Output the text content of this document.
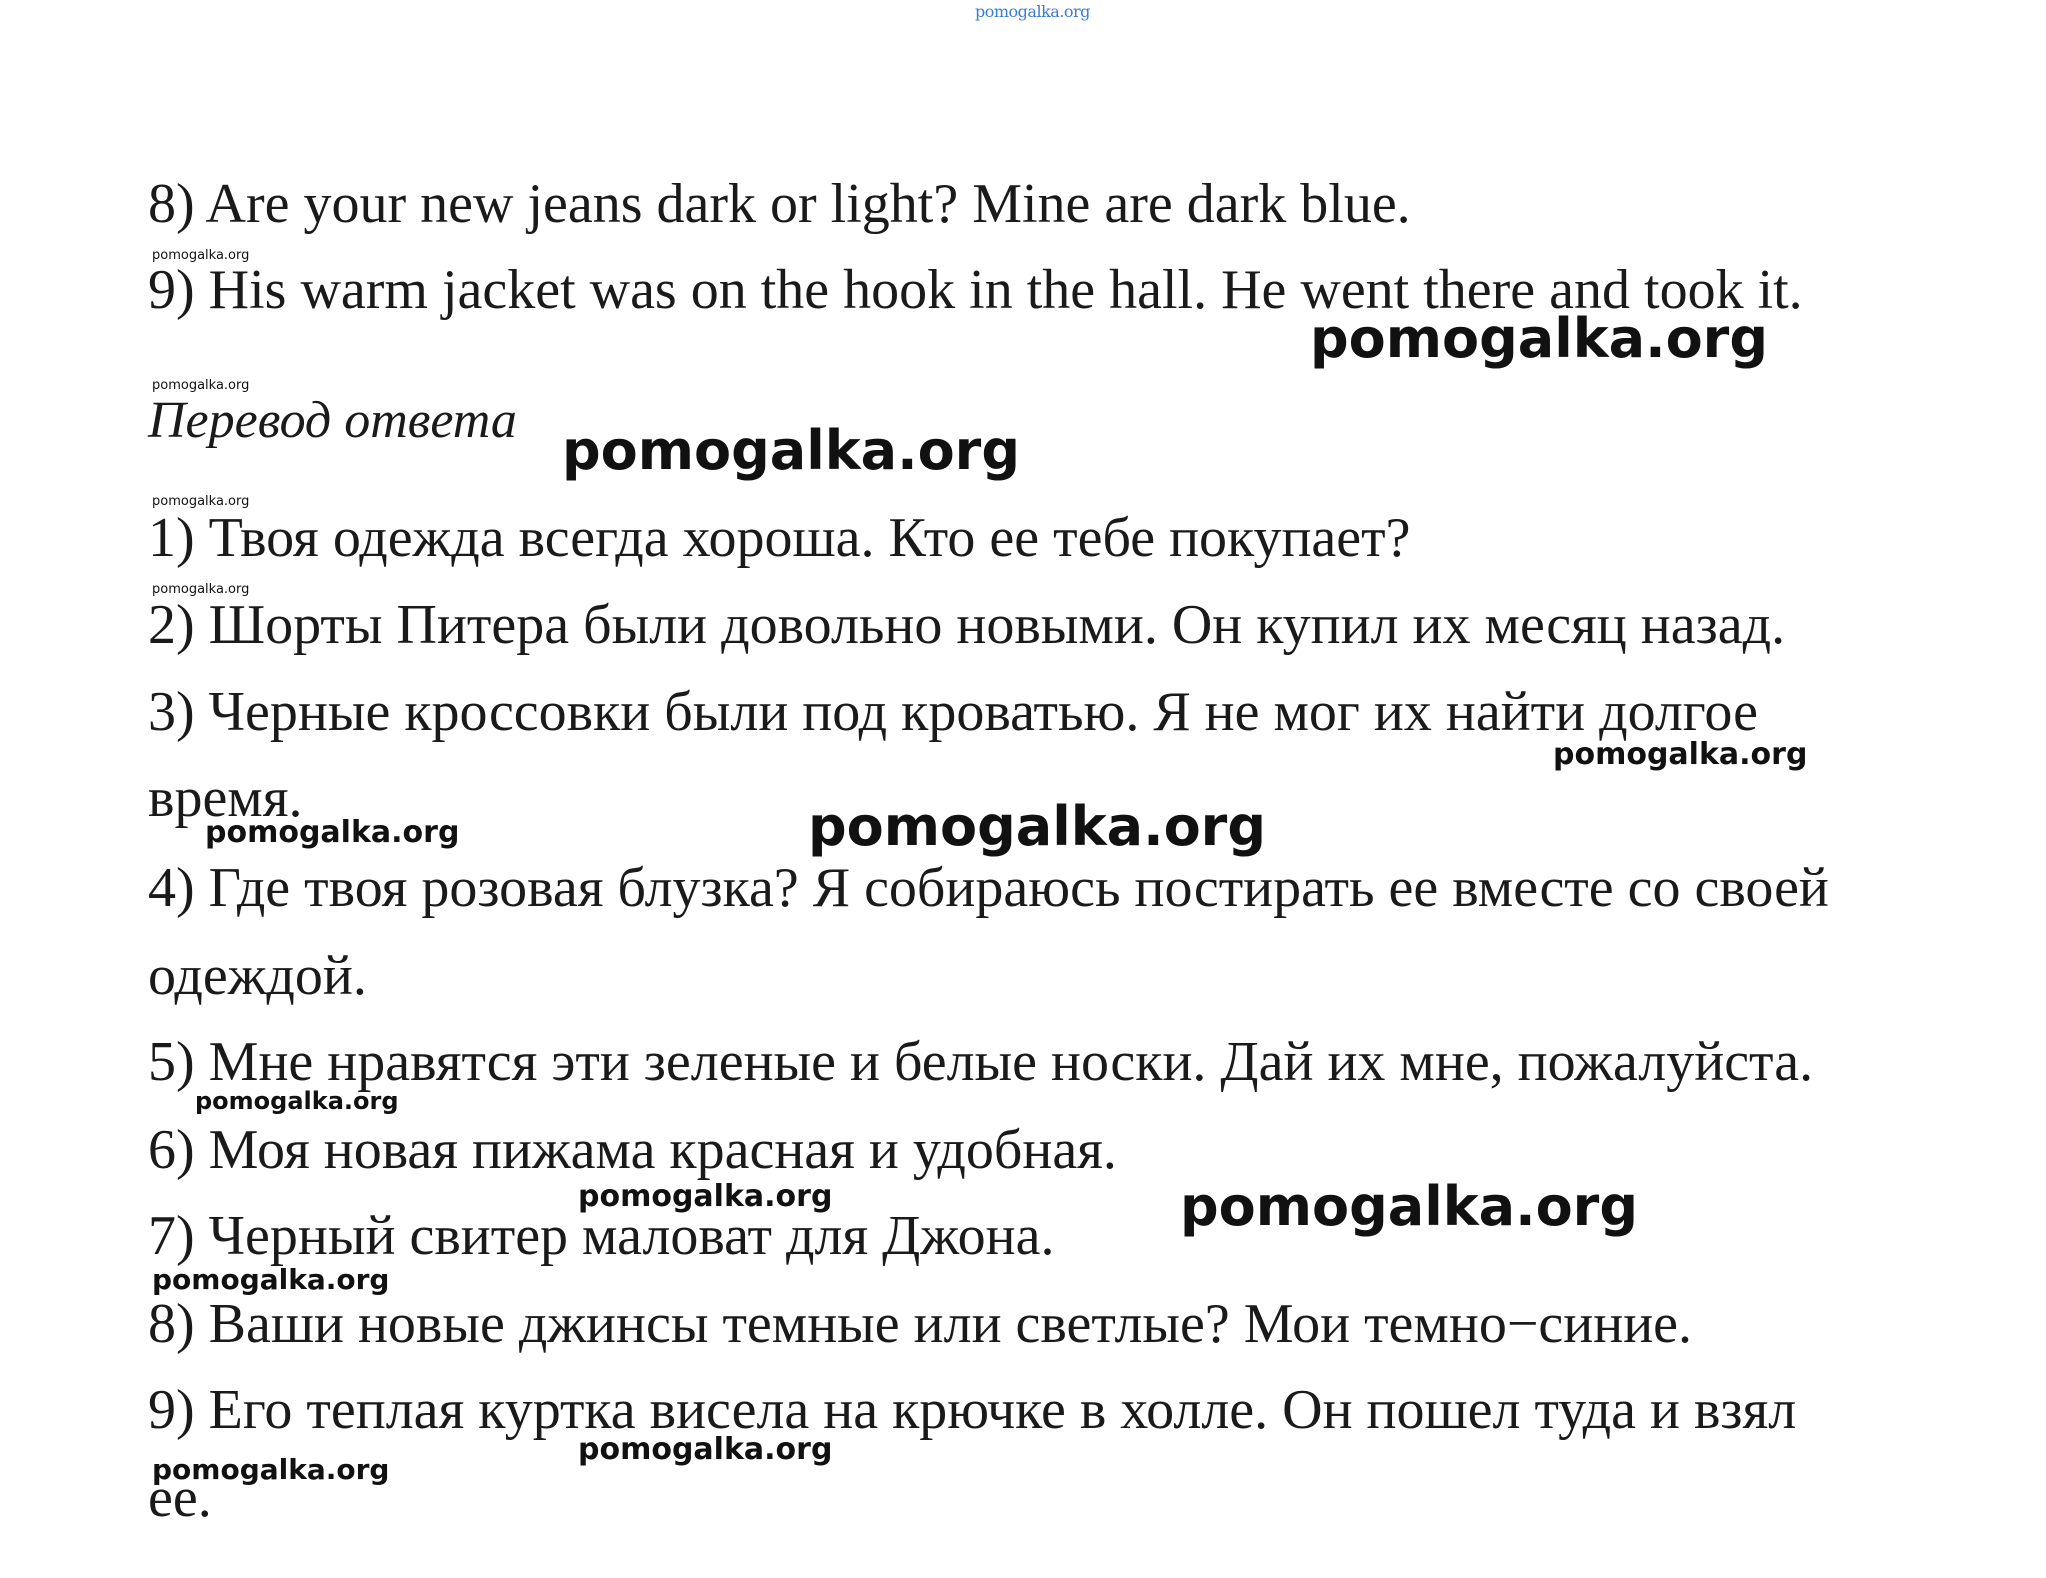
pomogalka.org
8) Are your new jeans dark or light? Mine are dark blue.
pomogalka.org
9) His warm jacket was on the hook in the hall. He went there and took it.
pomogalka.org
pomogalka.org
Перевод ответа pomogalka.org
pomogalka.org
1) Твоя одежда всегда хороша. Кто ее тебе покупает?
pomogalka.org
2) Шорты Питера были довольно новыми. Он купил их месяц назад.
3) Черные кроссовки были под кроватью. Я не мог их найти долгое
pomogalka.org
время.
pomogalka.org	pomogalka.org
4) Где твоя розовая блузка? Я собираюсь постирать ее вместе со своей
одеждой.
5) Мне нравятся эти зеленые и белые носки. Дай их мне, пожалуйста.
pomogalka.org
6) Моя новая пижама красная и удобная.
pomogalka.org	pomogalka.org
7) Черный свитер маловат для Джона.
pomogalka.org
8) Ваши новые джинсы темные или светлые? Мои темно−синие.
9) Его теплая куртка висела на крючке в холле. Он пошел туда и взял
pomogalka.org
pomogalka.org
ее.
